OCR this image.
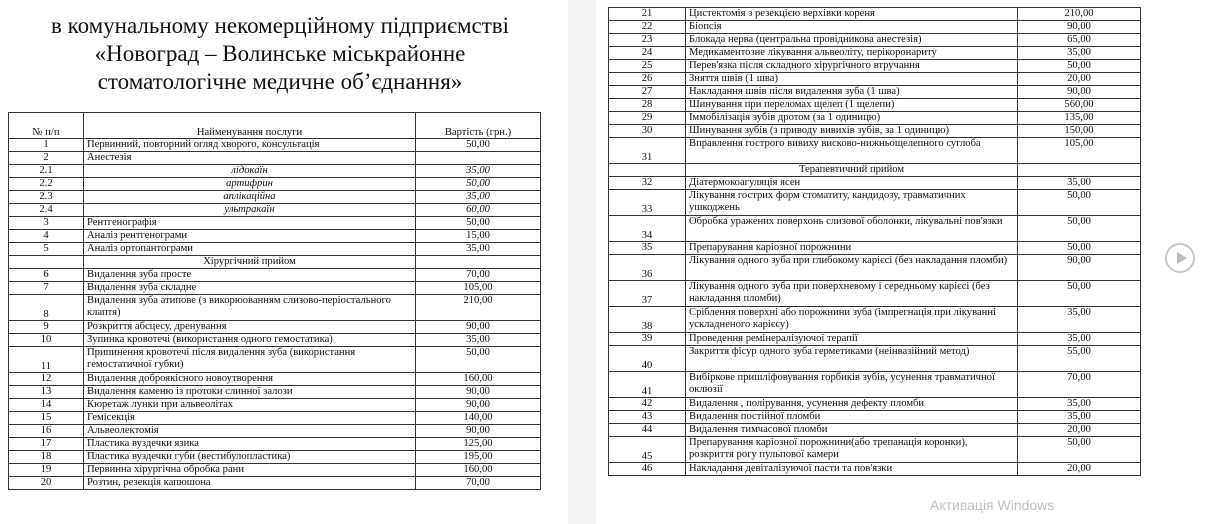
в комунальному некомерційному підприємстві
«Новоград – Волинське міськрайонне
стоматологічне медичне об’єднання»
№ п/п	Найменування послуги	Вартість (грн.)
1	Первинний, повторний огляд хворого, консультація	50,00
2	Анестезія	
2.1	лідокаїн	35,00
2.2	артифрин	50,00
2.3	аплікаційна	35,00
2.4	ультракаїн	60,00
3	Рентгенографія	50,00
4	Аналіз рентгенограми	15,00
5	Аналіз ортопантограми	35,00
	Хірургічний прийом	
6	Видалення зуба просте	70,00
7	Видалення зуба складне	105,00
8	Видалення зуба атипове (з викорюованням слизово-періостального клаптя)	210,00
9	Розкриття абсцесу, дренування	90,00
10	Зупинка кровотечі (використання одного гемостатика)	35,00
11	Припинення кровотечі після видалення зуба (використання гемостатичної губки)	50,00
12	Видалення доброякісного новоутворення	160,00
13	Видалення каменю із протоки слинної залози	90,00
14	Кюретаж лунки при альвеолітах	90,00
15	Гемісекція	140,00
16	Альвеолектомія	90,00
17	Пластика вуздечки язика	125,00
18	Пластика вуздечки губи (вестибулопластика)	195,00
19	Первинна хірургічна обробка рани	160,00
20	Розтин, резекція капюшона	70,00
21	Цистектомія з резекцією верхівки кореня	210,00
22	Біопсія	90,00
23	Блокада нерва (центральна провідникова анестезія)	65,00
24	Медикаментозне лікування альвеоліту, перікоронариту	35,00
25	Перев'язка після складного хірургічного втручання	50,00
26	Зняття швів (1 шва)	20,00
27	Накладання швів після видалення зуба (1 шва)	90,00
28	Шинування при переломах щелеп (1 щелепи)	560,00
29	Іммобілізація зубів дротом (за 1 одиницю)	135,00
30	Шинування зубів (з приводу вивихів зубів, за 1 одиницю)	150,00
31	Вправлення гострого вивиху висково-нижньощелепного суглоба	105,00
	Терапевтичний прийом	
32	Діатермокоагуляція ясен	35,00
33	Лікування гострих форм стоматиту, кандидозу, травматичних ушкоджень	50,00
34	Обробка уражених поверхонь слизової оболонки, лікувальні пов'язки	50,00
35	Препарування каріозної порожнини	50,00
36	Лікування одного зуба при глибокому карієсі (без накладання пломби)	90,00
37	Лікування одного зуба при поверхневому і середньому карієсі (без накладання пломби)	50,00
38	Сріблення поверхні або порожнини зуба (імпрегнація при лікуванні ускладненого карієсу)	35,00
39	Проведення ремінералізуючої терапії	35,00
40	Закриття фісур одного зуба герметиками (неінвазійний метод)	55,00
41	Вибіркове пришліфовування горбиків зубів, усунення травматичної оклюзії	70,00
42	Видалення , полірування, усунення дефекту пломби	35,00
43	Видалення постійної пломби	35,00
44	Видалення тимчасової пломби	20,00
45	Препарування каріозної порожнини(або трепанація коронки), розкриття рогу пульпової камери	50,00
46	Накладання девіталізуючої пасти та пов'язки	20,00
Активація Windows
